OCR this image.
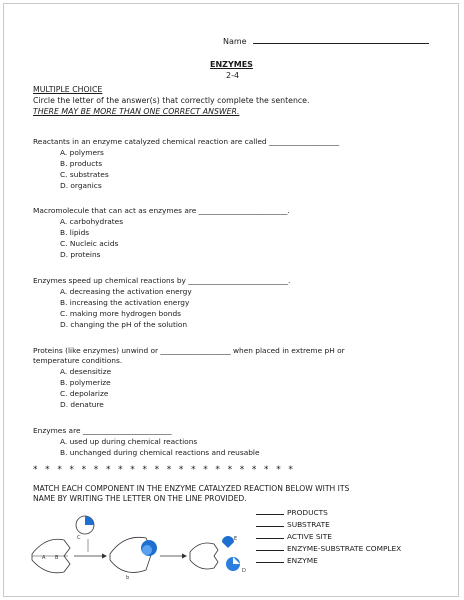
Name
ENZYMES
2-4
MULTIPLE CHOICE
Circle the letter of the answer(s) that correctly complete the sentence.
THERE MAY BE MORE THAN ONE CORRECT ANSWER.
Reactants in an enzyme catalyzed chemical reaction are called ___________________
A. polymers
B. products
C. substrates
D. organics
Macromolecule that can act as enzymes are ________________________.
A. carbohydrates
B. lipids
C. Nucleic acids
D. proteins
Enzymes speed up chemical reactions by ___________________________.
A. decreasing the activation energy
B. increasing the activation energy
C. making more hydrogen bonds
D. changing the pH of the solution
Proteins (like enzymes) unwind or ___________________ when placed in extreme pH or
temperature conditions.
A. desensitize
B. polymerize
C. depolarize
D. denature
Enzymes are ________________________
A. used up during chemical reactions
B. unchanged during chemical reactions and reusable
* * * * * * * * * * * * * * * * * * * * * *
MATCH EACH COMPONENT IN THE ENZYME CATALYZED REACTION BELOW WITH ITS
NAME BY WRITING THE LETTER ON THE LINE PROVIDED.
PRODUCTS
SUBSTRATE
ACTIVE SITE
ENZYME-SUBSTRATE COMPLEX
ENZYME
C
A B
b
E
D
